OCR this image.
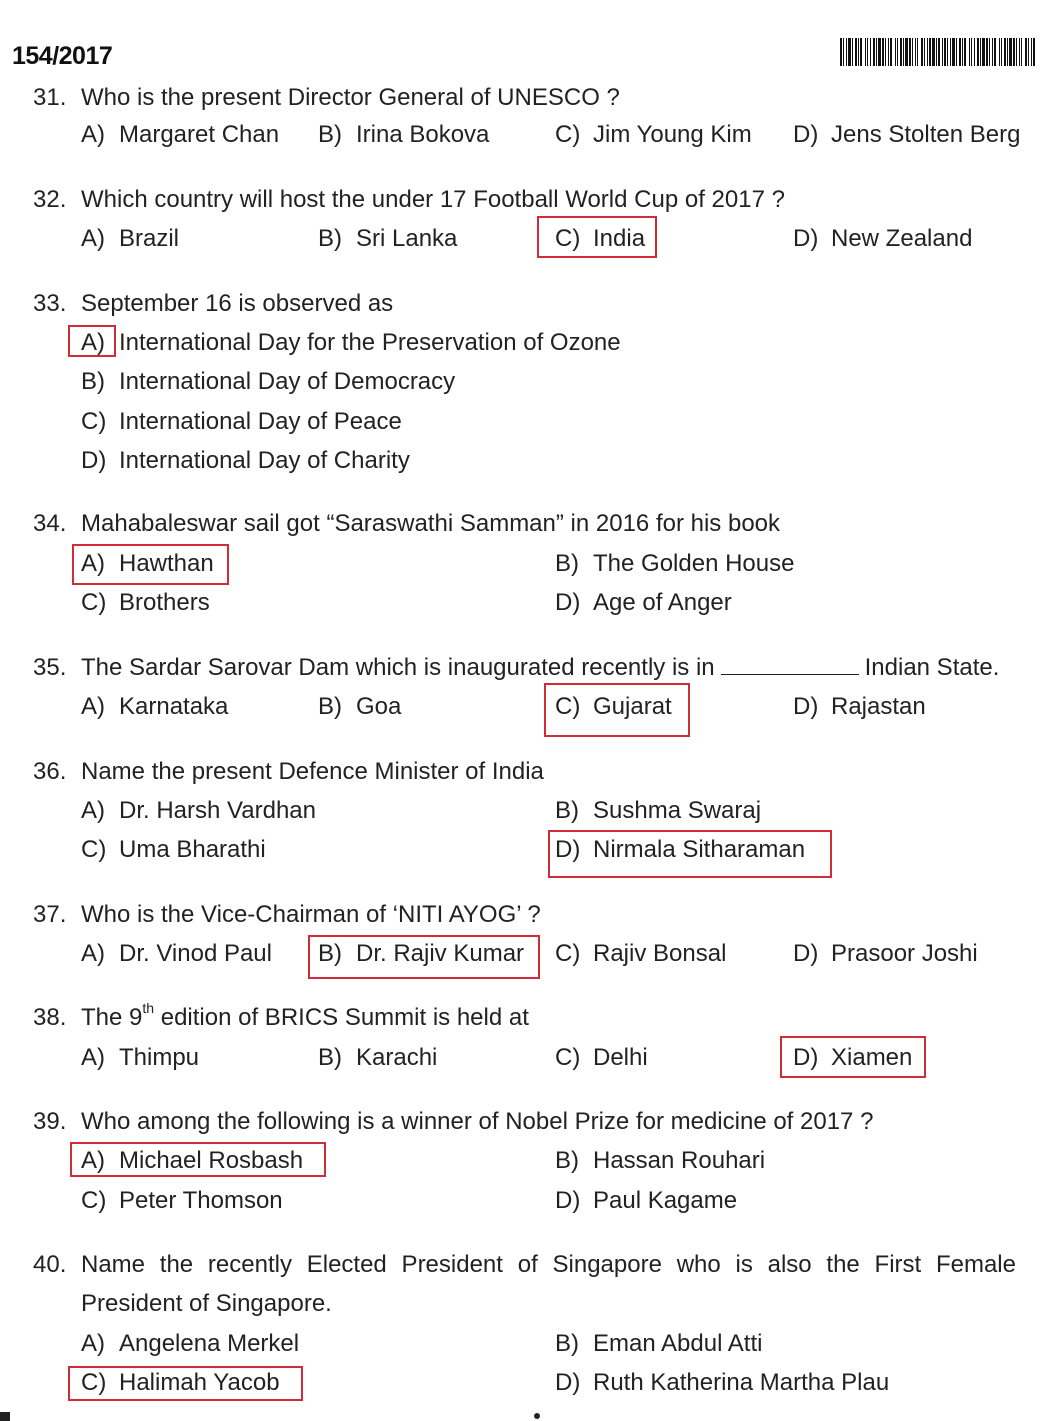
154/2017
31. Who is the present Director General of UNESCO ?
A) Margaret Chan B) Irina Bokova	C) Jim Young Kim D) Jens Stolten Berg
32. Which country will host the under 17 Football World Cup of 2017 ?
A) Brazil	B) Sri Lanka	C) India	D) New Zealand
33. September 16 is observed as
A) International Day for the Preservation of Ozone
B) International Day of Democracy
C) International Day of Peace
D) International Day of Charity
34. Mahabaleswar sail got “Saraswathi Samman” in 2016 for his book
A) Hawthan	B) The Golden House
C) Brothers	D) Age of Anger
35. The Sardar Sarovar Dam which is inaugurated recently is in	Indian State.
A) Karnataka	B) Goa	C) Gujarat	D) Rajastan
36. Name the present Defence Minister of India
A) Dr. Harsh Vardhan	B) Sushma Swaraj
C) Uma Bharathi	D) Nirmala Sitharaman
37. Who is the Vice-Chairman of ‘NITI AYOG’ ?
A) Dr. Vinod Paul B) Dr. Rajiv Kumar C) Rajiv Bonsal	D) Prasoor Joshi
38. The 9th edition of BRICS Summit is held at
A) Thimpu	B) Karachi	C) Delhi	D) Xiamen
39. Who among the following is a winner of Nobel Prize for medicine of 2017 ?
A) Michael Rosbash	B) Hassan Rouhari
C) Peter Thomson	D) Paul Kagame
40. Name the recently Elected President of Singapore who is also the First Female President of Singapore.
A) Angelena Merkel	B) Eman Abdul Atti
C) Halimah Yacob	D) Ruth Katherina Martha Plau
